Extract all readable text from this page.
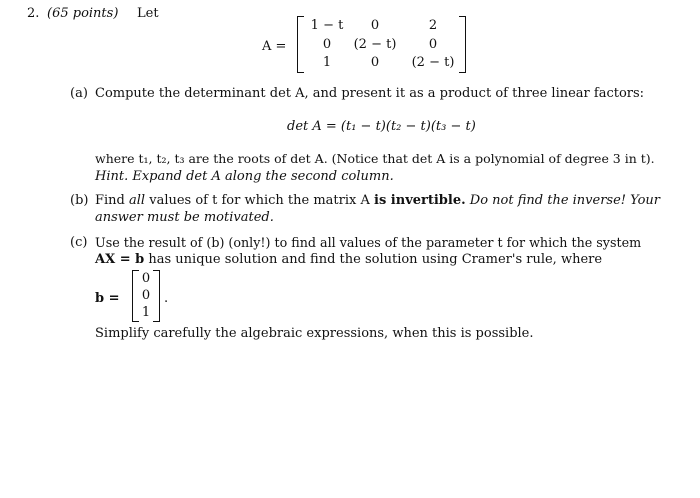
2. (65 points) Let
A =
1 − t	0	2
0	(2 − t)	0
1	0	(2 − t)
(a) Compute the determinant det A, and present it as a product of three linear factors:
det A = (t₁ − t)(t₂ − t)(t₃ − t)
where t₁, t₂, t₃ are the roots of det A. (Notice that det A is a polynomial of degree 3 in t).
Hint. Expand det A along the second column.
(b) Find all values of t for which the matrix A is invertible. Do not find the inverse! Your
answer must be motivated.
(c) Use the result of (b) (only!) to find all values of the parameter t for which the system
AX = b has unique solution and find the solution using Cramer's rule, where
b =
0
0
1
.
Simplify carefully the algebraic expressions, when this is possible.
